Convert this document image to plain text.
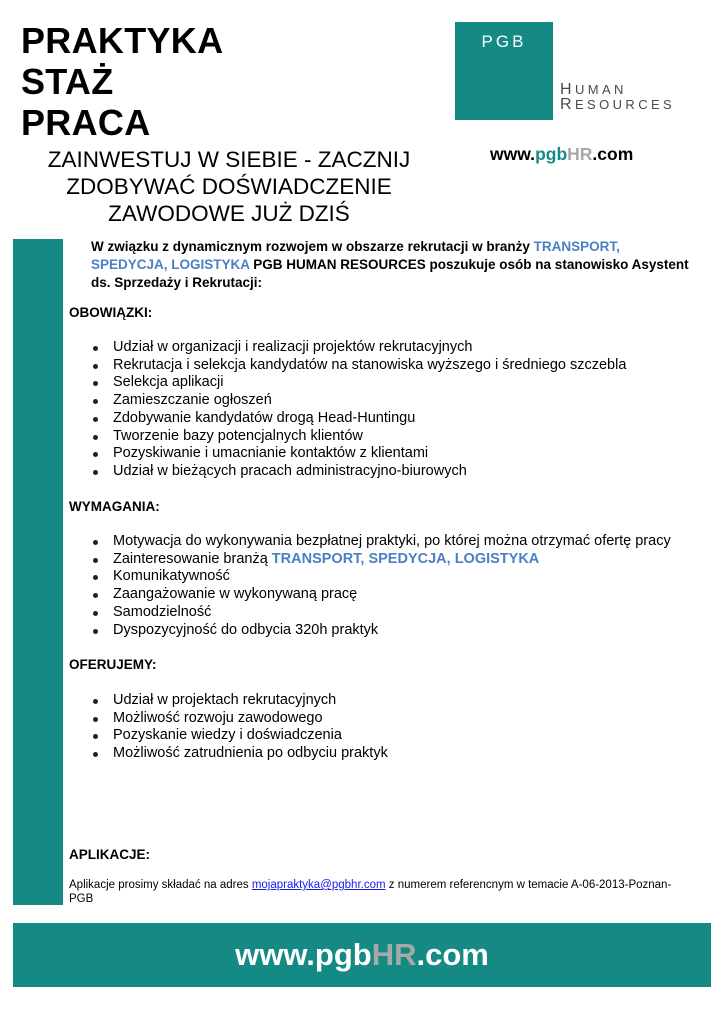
PRAKTYKA
STAŻ
PRACA
ZAINWESTUJ W SIEBIE - ZACZNIJ
ZDOBYWAĆ DOŚWIADCZENIE
ZAWODOWE JUŻ DZIŚ
PGB
HUMAN
RESOURCES
www.pgbHR.com

W związku z dynamicznym rozwojem w obszarze rekrutacji w branży TRANSPORT, SPEDYCJA, LOGISTYKA PGB HUMAN RESOURCES poszukuje osób na stanowisko Asystent ds. Sprzedaży i Rekrutacji:

OBOWIĄZKI:
Udział w organizacji i realizacji projektów rekrutacyjnych
Rekrutacja i selekcja kandydatów na stanowiska wyższego i średniego szczebla
Selekcja aplikacji
Zamieszczanie ogłoszeń
Zdobywanie kandydatów drogą Head-Huntingu
Tworzenie bazy potencjalnych klientów
Pozyskiwanie i umacnianie kontaktów z klientami
Udział w bieżących pracach administracyjno-biurowych
WYMAGANIA:
Motywacja do wykonywania bezpłatnej praktyki, po której można otrzymać ofertę pracy
Zainteresowanie branżą TRANSPORT, SPEDYCJA, LOGISTYKA
Komunikatywność
Zaangażowanie w wykonywaną pracę
Samodzielność
Dyspozycyjność do odbycia 320h praktyk
OFERUJEMY:
Udział w projektach rekrutacyjnych
Możliwość rozwoju zawodowego
Pozyskanie wiedzy i doświadczenia
Możliwość zatrudnienia po odbyciu praktyk
APLIKACJE:

Aplikacje prosimy składać na adres mojapraktyka@pgbhr.com z numerem referencnym w temacie A-06-2013-Poznan-PGB

www.pgbHR.com
